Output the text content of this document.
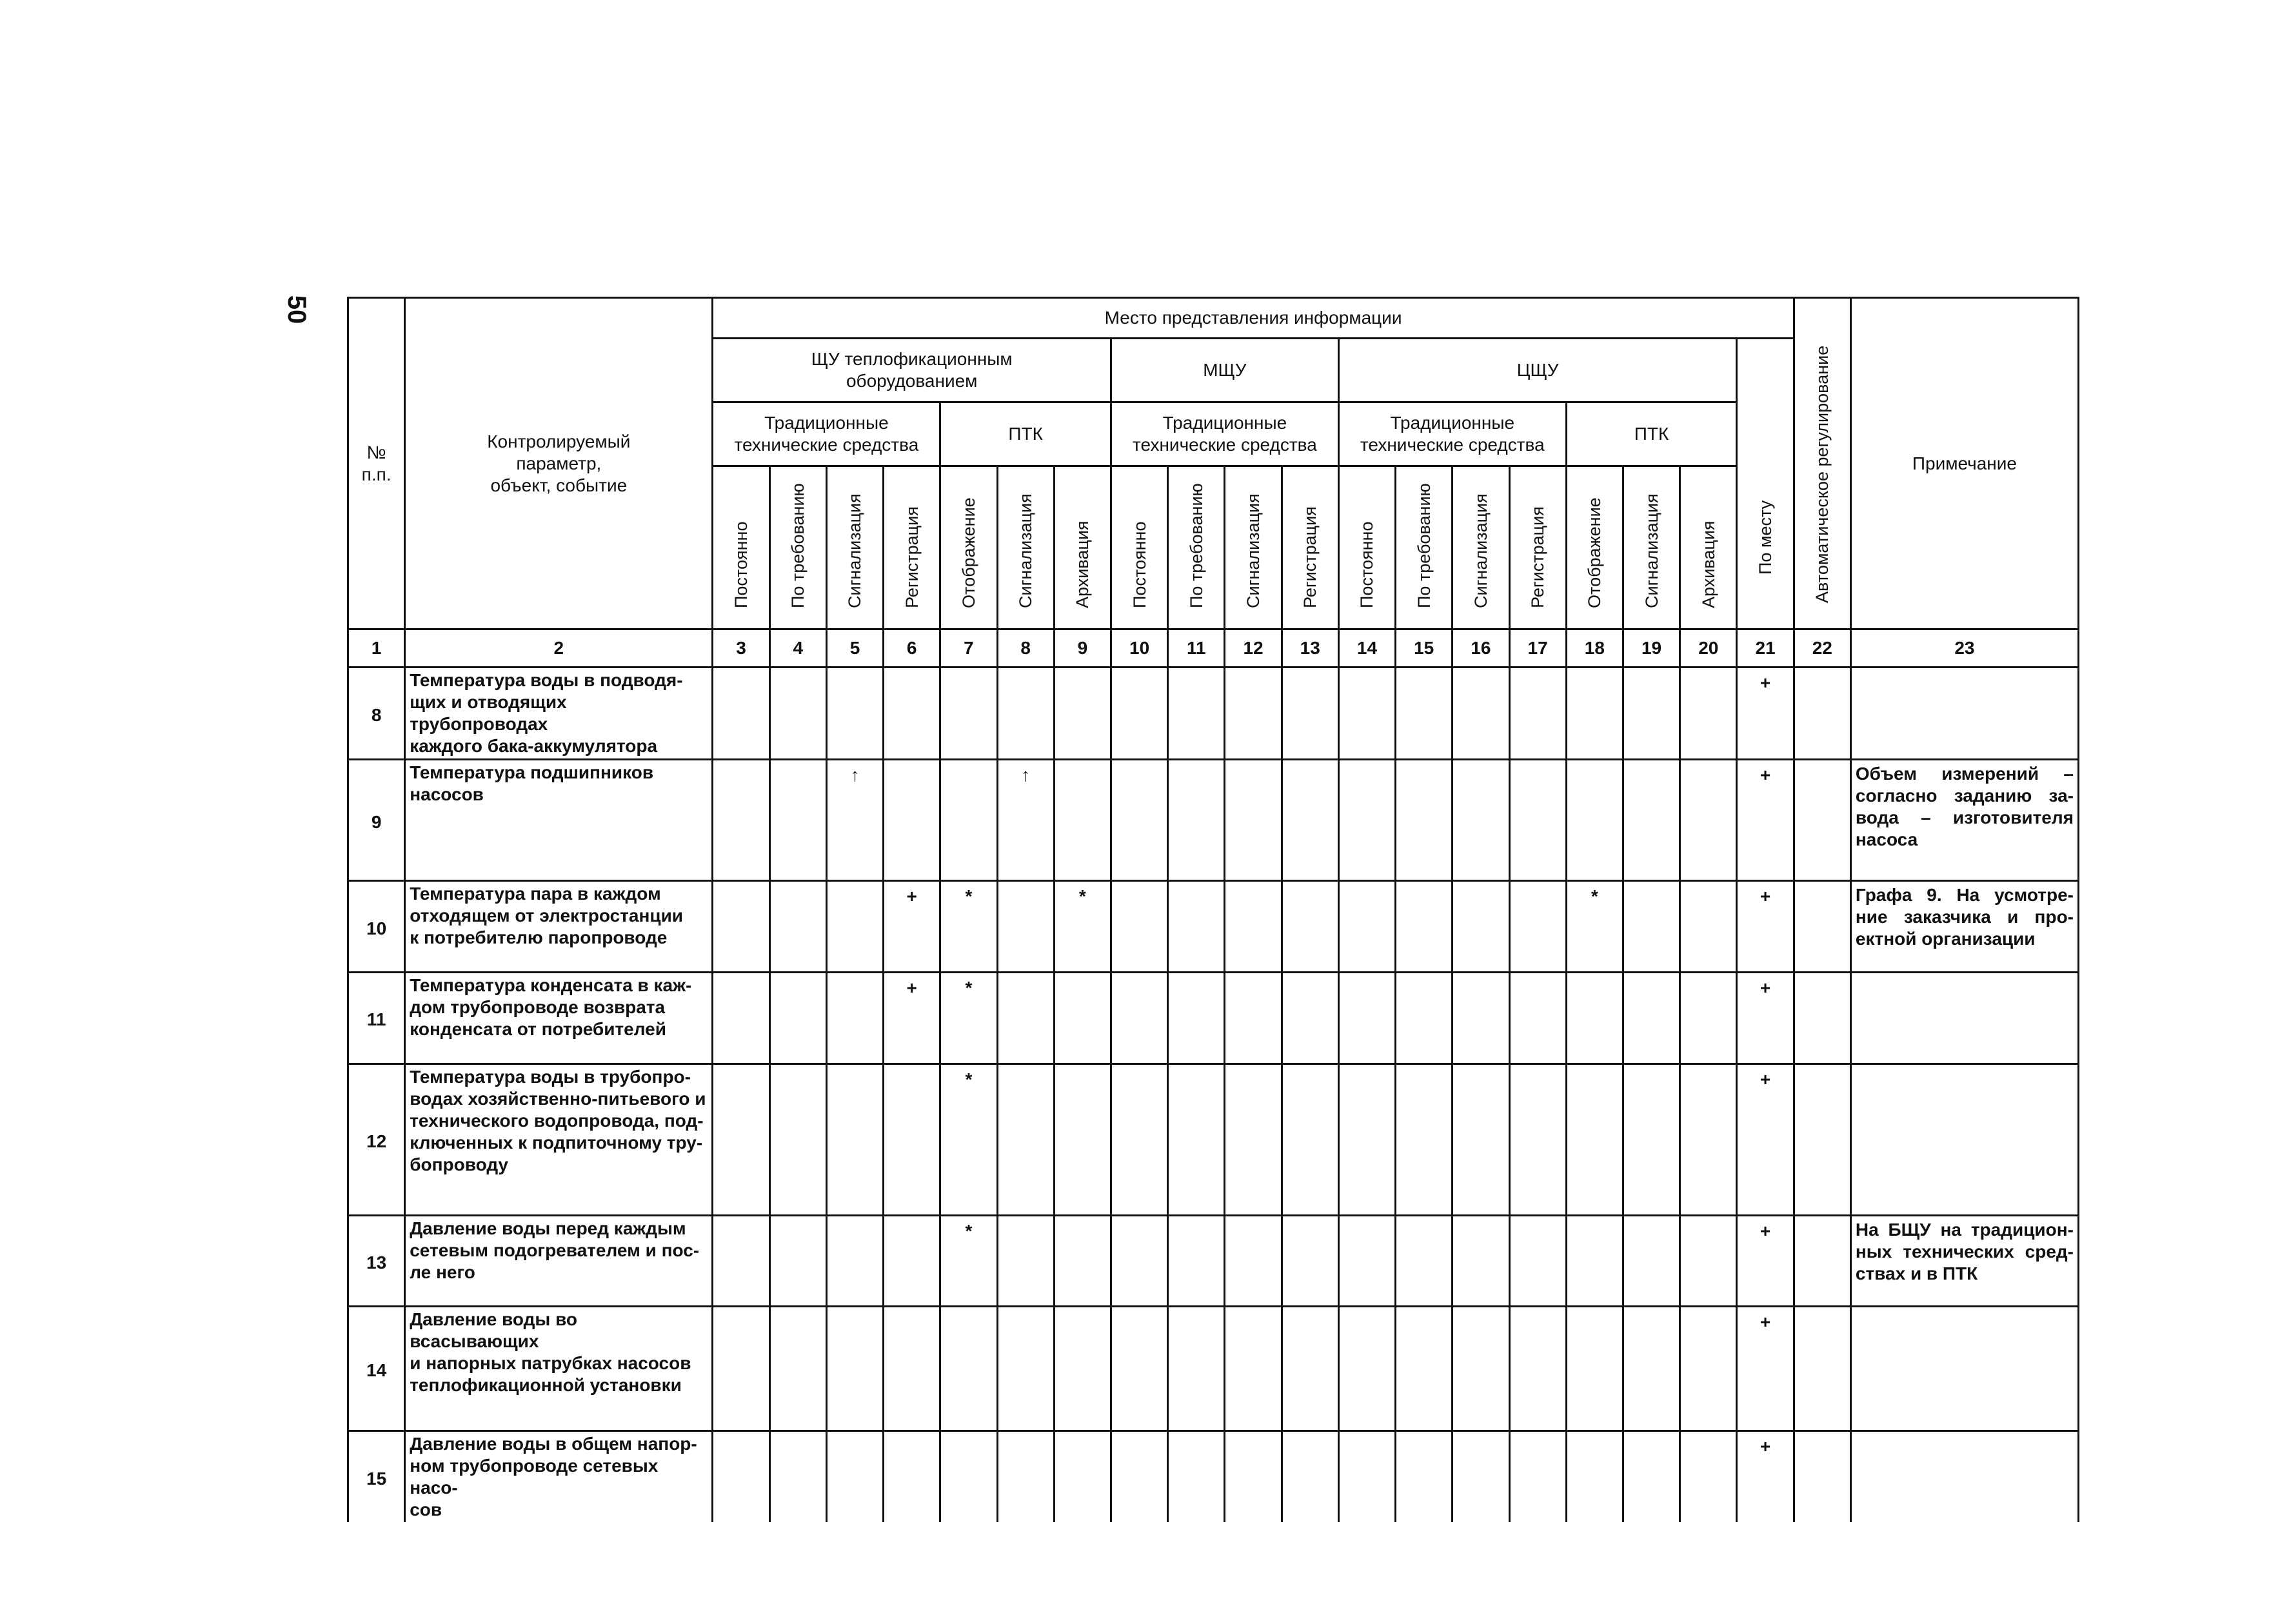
50
№
п.п.	Контролируемый
параметр,
объект, событие	Место представления информации																			Автоматическое регулирование	Примечание
		ЩУ теплофикационным
оборудованием							МЩУ				ЦЩУ							По месту		

		Традиционные
технические средства				ПТК			Традиционные
технические средства				Традиционные
технические средства				ПТК					

		Постоянно	По требованию	Сигнализация	Регистрация	Отображение	Сигнализация	Архивация	Постоянно	По требованию	Сигнализация	Регистрация	Постоянно	По требованию	Сигнализация	Регистрация	Отображение	Сигнализация	Архивация			

1	2	3	4	5	6	7	8	9	10	11	12	13	14	15	16	17	18	19	20	21	22	23
8	Температура воды в подводя-
щих и отводящих трубопроводах
каждого бака-аккумулятора																			+		
9	Температура подшипников
насосов			↑			↑													+		Объем измерений – согласно заданию за-вода – изготовителя насоса
10	Температура пара в каждом
отходящем от электростанции
к потребителю паропроводе				+	*		*									*			+		Графа 9. На усмотре-ние заказчика и про-ектной организации
11	Температура конденсата в каж-
дом трубопроводе возврата
конденсата от потребителей				+	*														+		
12	Температура воды в трубопро-
водах хозяйственно-питьевого и
технического водопровода, под-
ключенных к подпиточному тру-
бопроводу					*														+		
13	Давление воды перед каждым
сетевым подогревателем и пос-
ле него					*														+		На БЩУ на традицион-ных технических сред-ствах и в ПТК
14	Давление воды во всасывающих
и напорных патрубках насосов
теплофикационной установки																			+		
15	Давление воды в общем напор-
ном трубопроводе сетевых насо-
сов																			+		
